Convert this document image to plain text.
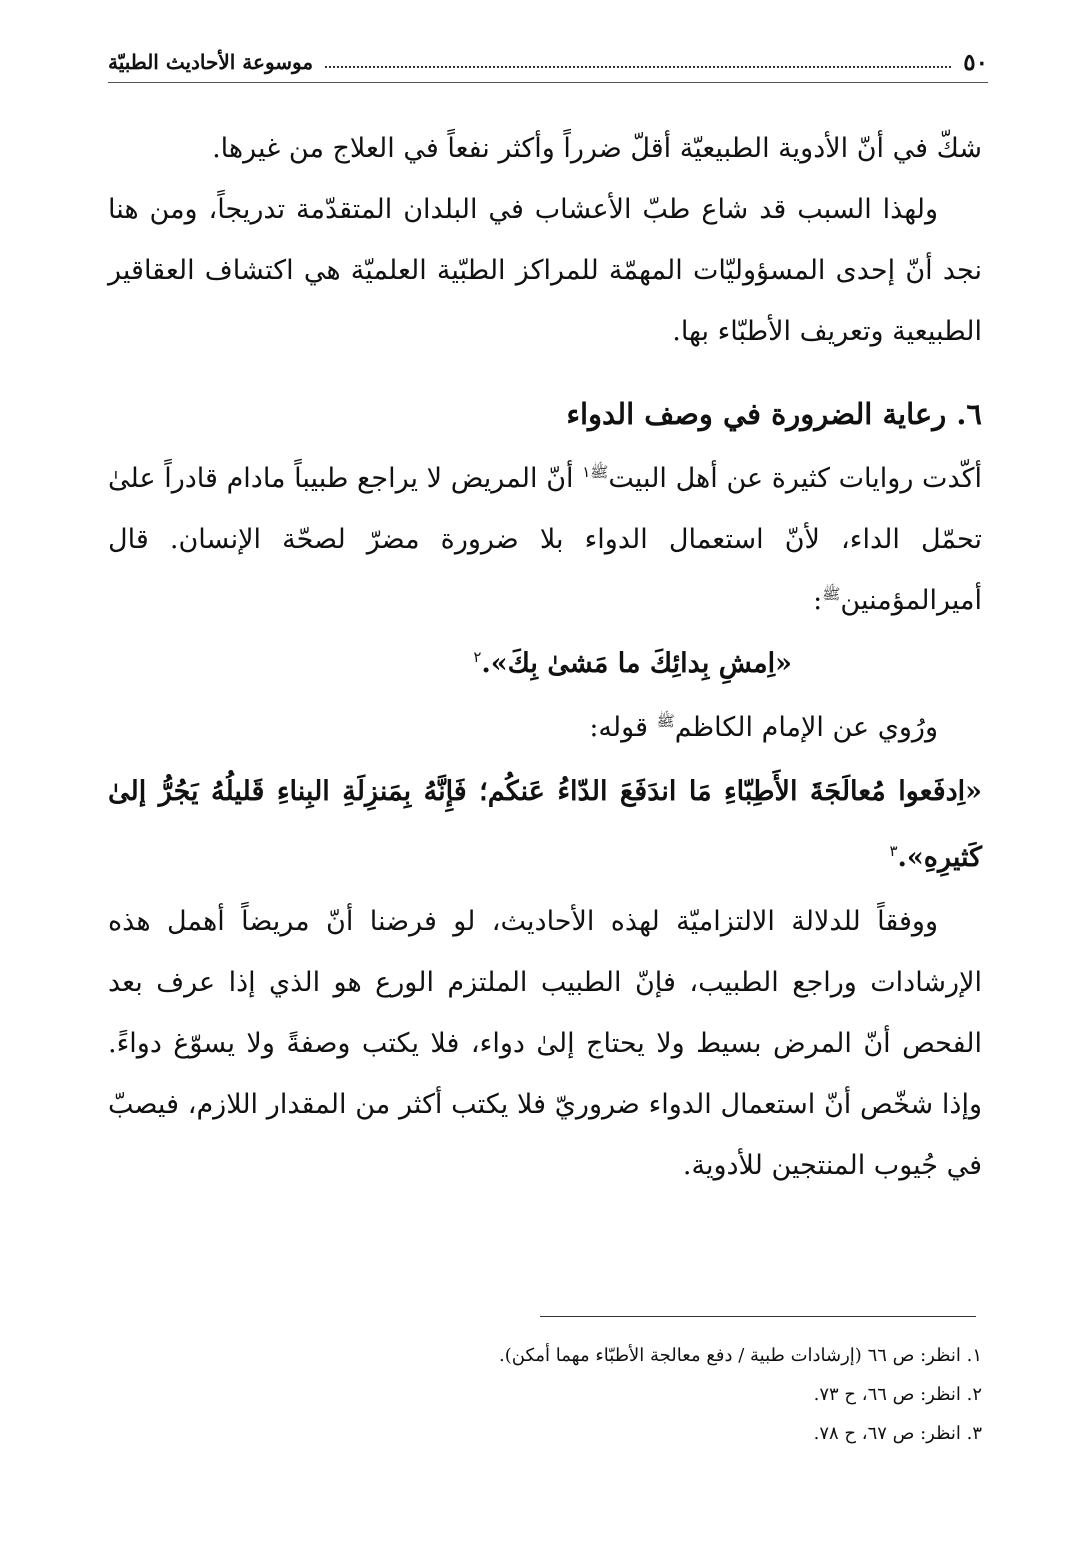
٥٠
موسوعة الأحاديث الطبيّة

شكّ في أنّ الأدوية الطبيعيّة أقلّ ضرراً وأكثر نفعاً في العلاج من غيرها.

ولهذا السبب قد شاع طبّ الأعشاب في البلدان المتقدّمة تدريجاً، ومن هنا نجد أنّ إحدى المسؤوليّات المهمّة للمراكز الطبّية العلميّة هي اكتشاف العقاقير الطبيعية وتعريف الأطبّاء بها.

٦. رعاية الضرورة في وصف الدواء

أكّدت روايات كثيرة عن أهل البيت$^{ﷺ١}$ أنّ المريض لا يراجع طبيباً مادام قادراً علىٰ تحمّل الداء، لأنّ استعمال الدواء بلا ضرورة مضرّ لصحّة الإنسان. قال أميرالمؤمنين$^ﷺ$:

«اِمشِ بِدائِكَ ما مَشىٰ بِكَ».$^٢$

ورُوي عن الإمام الكاظم$^ﷺ$ قوله:

«اِدفَعوا مُعالَجَةَ الأَطِبّاءِ مَا اندَفَعَ الدّاءُ عَنكُم؛ فَإِنَّهُ بِمَنزِلَةِ البِناءِ قَليلُهُ يَجُرُّ إلىٰ كَثيرِهِ».$^٣$

ووفقاً للدلالة الالتزاميّة لهذه الأحاديث، لو فرضنا أنّ مريضاً أهمل هذه الإرشادات وراجع الطبيب، فإنّ الطبيب الملتزم الورع هو الذي إذا عرف بعد الفحص أنّ المرض بسيط ولا يحتاج إلىٰ دواء، فلا يكتب وصفةً ولا يسوّغ دواءً. وإذا شخّص أنّ استعمال الدواء ضروريّ فلا يكتب أكثر من المقدار اللازم، فيصبّ في جُيوب المنتجين للأدوية.

١. انظر: ص ٦٦ (إرشادات طبية / دفع معالجة الأطبّاء مهما أمكن).

٢. انظر: ص ٦٦، ح ٧٣.

٣. انظر: ص ٦٧، ح ٧٨.
